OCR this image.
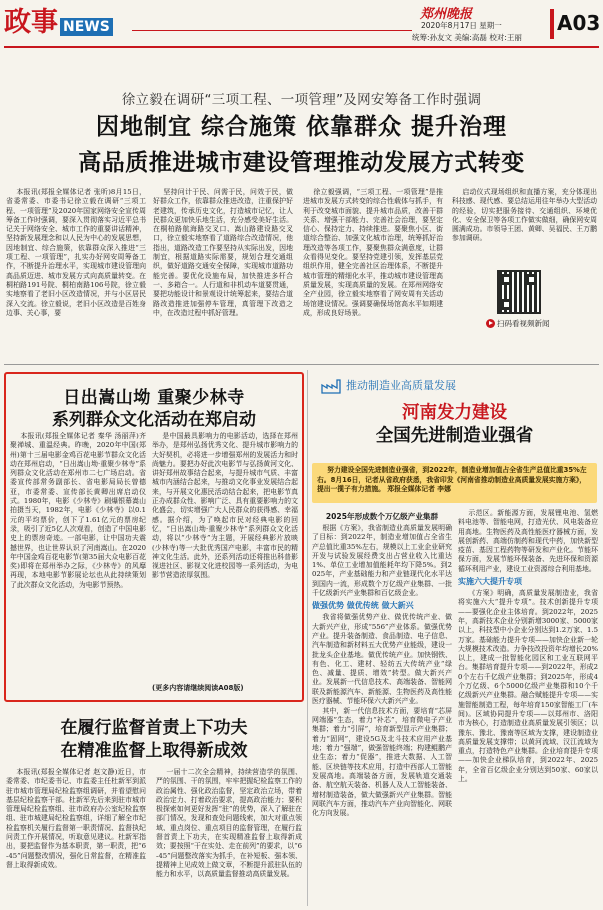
政事 NEWS
郑州晚报
2020年8月17日 星期一
统筹:孙友文 美编:高磊 校对:王丽
A03
徐立毅在调研“三项工程、一项管理”及网安筹备工作时强调
因地制宜 综合施策 依靠群众 提升治理
高品质推进城市建设管理推动发展方式转变

本报讯(郑报全媒体记者 张昕)8月15日，省委常委、市委书记徐立毅在调研“三项工程、一项管理”及2020年国家网络安全宣传周筹备工作时强调，要深入贯彻落实习近平总书记关于网络安全、城市工作的重要讲话精神，坚持新发展理念和以人民为中心的发展思想，因地制宜、综合施策，依靠群众深入推进“三项工程、一项管理”，扎实办好网安周筹备工作，不断提升治理水平，实现城市建设管理向高品质迈进、城市发展方式向高质量转变。在桐柏路191号院、桐柏南路106号院，徐立毅实地察看了老旧小区改造情况，并与小区居民深入交流。徐立毅说，老旧小区改造是百姓身边事、关心事，要

坚持问计于民、问需于民，问效于民，做好群众工作，依靠群众推进改造，注重保护好老建筑，传承历史文化，打造城市记忆，让人民群众更加快乐地生活，充分感受美好生活。在桐柏路航海路交叉口、嵩山路建设路交叉口，徐立毅实地察看了道路综合改造情况，他指出，道路改造工作要坚持从实际出发，因地制宜，根据道路实际需要，规划合理交通组织，做好道路交通安全保障，实现城市道路功能完善。要优化设施布局，加快推进多杆合一、多箱合一。人行道和非机动车道要贯通，要把功能设计和景观设计统筹起来，要结合道路改造推进加强停车管理，真管理下改造之中，在改造过程中抓好管理。

徐立毅强调，“三项工程、一项管理”是推进城市发展方式转变的综合性载体与抓手，有利于改变城市面貌、提升城市品质，改善干群关系、增强干部能力、完善社会治理，要坚定信心、保持定力、持续推进。要聚焦小区、街道综合整治、加强文化城市治理，统筹抓好治理改造等各项工作，要聚焦群众满意度，让群众看得见变化。要坚持党建引领，发挥基层党组织作用，健全完善社区治理体系，不断提升城市管理的精细化水平，推动城市建设管理高质量发展，实现高质量的发展。在郑州网络安全产业园，徐立毅实地察看了网安周有关活动场馆建设情况。强调要确保场馆高水平如期建成，形成良好场景。

启动仪式现场组织和直播方案，充分体现出科技感、现代感、要总结运用往年举办大型活动的经验，切实把服务接待、交通组织、环境优化、安全保卫等各项工作做实做细，确保网安周圆满成功。市领导王团、黄卿、吴福民、王万鹏参加调研。

扫码看视频新闻
日出嵩山坳 重聚少林寺
系列群众文化活动在郑启动

本报讯(郑报全媒体记者 秦华 汤丽萍)齐聚禅城、重温经典。昨晚，2020年中国(郑州)第十三届电影金鸡百花电影节群众文化活动在郑州启动，“日出嵩山坳·重聚少林寺”系列群众文化活动在郑州市二七广场启动。省委宣传部常务副部长、省电影局局长曾德亚，市委常委、宣传部长黄卿出席启动仪式。1980年，电影《少林寺》刷爆银幕嵩山拍摄当天，1982年，电影《少林寺》以0.1元的平均票价，创下了1.61亿元的票房纪录，吸引了近5亿人次观看，创造了中国电影史上的票房奇迹。一部电影，让中国功夫震撼世界，也让世界认识了河南嵩山。在2020年中国金鸡百花电影节(第35届大众电影百花奖)即将在郑州举办之际，《少林寺》的风靡再现，本地电影节影展论坛也从此持续策划了此次群众文化活动，为电影节预热。

是中国最具影响力的电影活动，选择在郑州举办，是郑州弘扬优秀文化、提升城市影响力的大好契机，必将进一步增强郑州的发展活力和时尚魅力。要把办好此次电影节与弘扬黄河文化、讲好郑州故事结合起来，与提升城市气质、丰富城市内涵结合起来，与推动文化事业发展结合起来，与开展文化惠民活动结合起来，把电影节真正办成群众性、影响广泛、具有重要影响力的文化盛会，切实增强广大人民群众的获得感、幸福感。据介绍，为了唤起市民对经典电影的回忆，“日出嵩山坳·重聚少林寺”系列群众文化活动，将以“少林寺”为主题，开展经典影片放映(少林寺)等一大批优秀国产电影，丰富市民的精神文化生活。此外，还系列活动还将推出科普影视进社区、影视文化进校园等一系列活动，为电影节营造浓厚氛围。

(更多内容请继续阅读A08版)
在履行监督首责上下功夫
在精准监督上取得新成效

本报讯(郑报全媒体记者 赵文静)近日，市委常委、市纪委书记、市监委主任杜新军到派驻市城市管理局纪检监察组调研，并看望慰问基层纪检监察干部。杜新军先后来到驻市城市管理局纪检监察组、驻市政府办公室纪检监察组、驻市城建局纪检监察组，详细了解全市纪检监察机关履行监督第一职责情况、监督执纪问责工作开展情况，听取意见建议。杜新军指出，要把监督作为基本职责，第一职责，把“6-45”问题整改情况，强化日常监督，在精准监督上取得新成效。

一届十二次全会精神，持续营造学的氛围、严的氛围、干的氛围，牢牢把握纪检监察工作的政治属性、强化政治监督，坚定政治立场，带着政治定力、打着政治要求，提高政治能力；要积极探索如何更好发挥“驻”的优势，深入了解驻在部门情况，发现和查处问题线索，加大对重点领域、重点岗位、重点项目的监督管理，在履行监督首责上下功夫，在实现精准监督上取得新成效；要按照“干在实处、走在前列”的要求，以“6-45”问题整改落实为抓手，在补短板、强本领、提精神上见成效上做文章，不断提升派驻队伍的能力和水平，以高质量监督推动高质量发展。

推动制造业高质量发展
河南发力建设
全国先进制造业强省

努力建设全国先进制造业强省，到2022年，制造业增加值占全省生产总值比重35%左右。8月16日，记者从省政府获悉，我省印发《河南省推动制造业高质量发展实施方案》，提出一揽子有力措施。 郑报全媒体记者 李娜

2025年形成数个万亿级产业集群

根据《方案》，我省制造业高质量发展明确了目标：到2022年，制造业增加值占全省生产总值比重35%左右，规模以上工业企业研究开发与试验发展经费支出占营业收入比重达1%、单位工业增加值能耗年均下降5%。到2025年，产业基础能力和产业链现代化水平达到国内一流，形成数个万亿级产业集群、一批千亿级新兴产业集群和百亿级企业。

做强优势 做优传统 做大新兴

我省将做强优势产业、做优传统产业、做大新兴产业，形成“556”产业体系。做强优势产业。提升装备制造、食品制造、电子信息、汽车制造和新材料五大优势产业能级，建设一批龙头企业基地。做优传统产业。加快钢铁、有色、化工、建材、轻纺五大传统产业“绿色、减量、提质、增效”转型。做大新兴产业。发展新一代信息技术、高端装备、智能网联及新能源汽车、新能源、生物医药及高性能医疗器械、节能环保六大新兴产业。

其中，新一代信息技术方面，要培育“芯屏网端器”生态，着力“补芯”，培育微电子产业集群；着力“引屏”，培育新型显示产业集群；着力“固网”，建设5G及北斗技术应用产业基地；着力“强端”，做强智能终端；构建鲲鹏产业生态；着力“促器”，推进大数据、人工智能、区块链等技术应用，打造中西部人工智能发展高地。高端装备方面，发展轨道交通装备、航空航天装备、机器人及人工智能装备、增材制造装备，做大做强新兴产业集群。智能网联汽车方面，推动汽车产业向智能化、网联化方向发展。

示范区。新能源方面，发展锂电池、氢燃料电池等、智能电网，打造光伏、风电装备应用高地。生物医药及高性能医疗器械方面，发展创新药、高端仿制药和现代中药，加快新型疫苗、基因工程药物等研发和产业化。节能环保方面，发展节能环保装备、先进环保和资源循环利用产业，建设工业资源综合利用基地。

实施六大提升专项

《方案》明确，高质量发展制造业，我省将实施六大“提升专项”。技术创新提升专项——要强化企业主体培育。到2022年，2025年，高新技术企业分别新增3000家、5000家以上，科技型中小企业分别达到1.2万家、1.5万家。基础能力提升专项——加快企业新一轮大规模技术改造。力争技改投资年均增长20%以上，建成一批智能化园区和工业互联网平台。集群培育提升专项——到2022年，形成20个左右千亿级产业集群；到2025年，形成4个万亿级、6个5000亿级产业集群和10个千亿级新兴产业集群。融合赋能提升专项——实施智能制造工程，每年培育150家智能工厂(车间)。区域协同提升专项——以郑州市、洛阳市为核心，打造制造业高质量发展引领区；以豫东、豫北、豫南等区域为支撑，建设制造业高质量发展支撑带；以黄河流域、汉江流域为重点，打造特色产业集群。企业培育提升专项——加快企业梯队培育，到2022年、2025年，全省百亿级企业分别达到50家、60家以上。
